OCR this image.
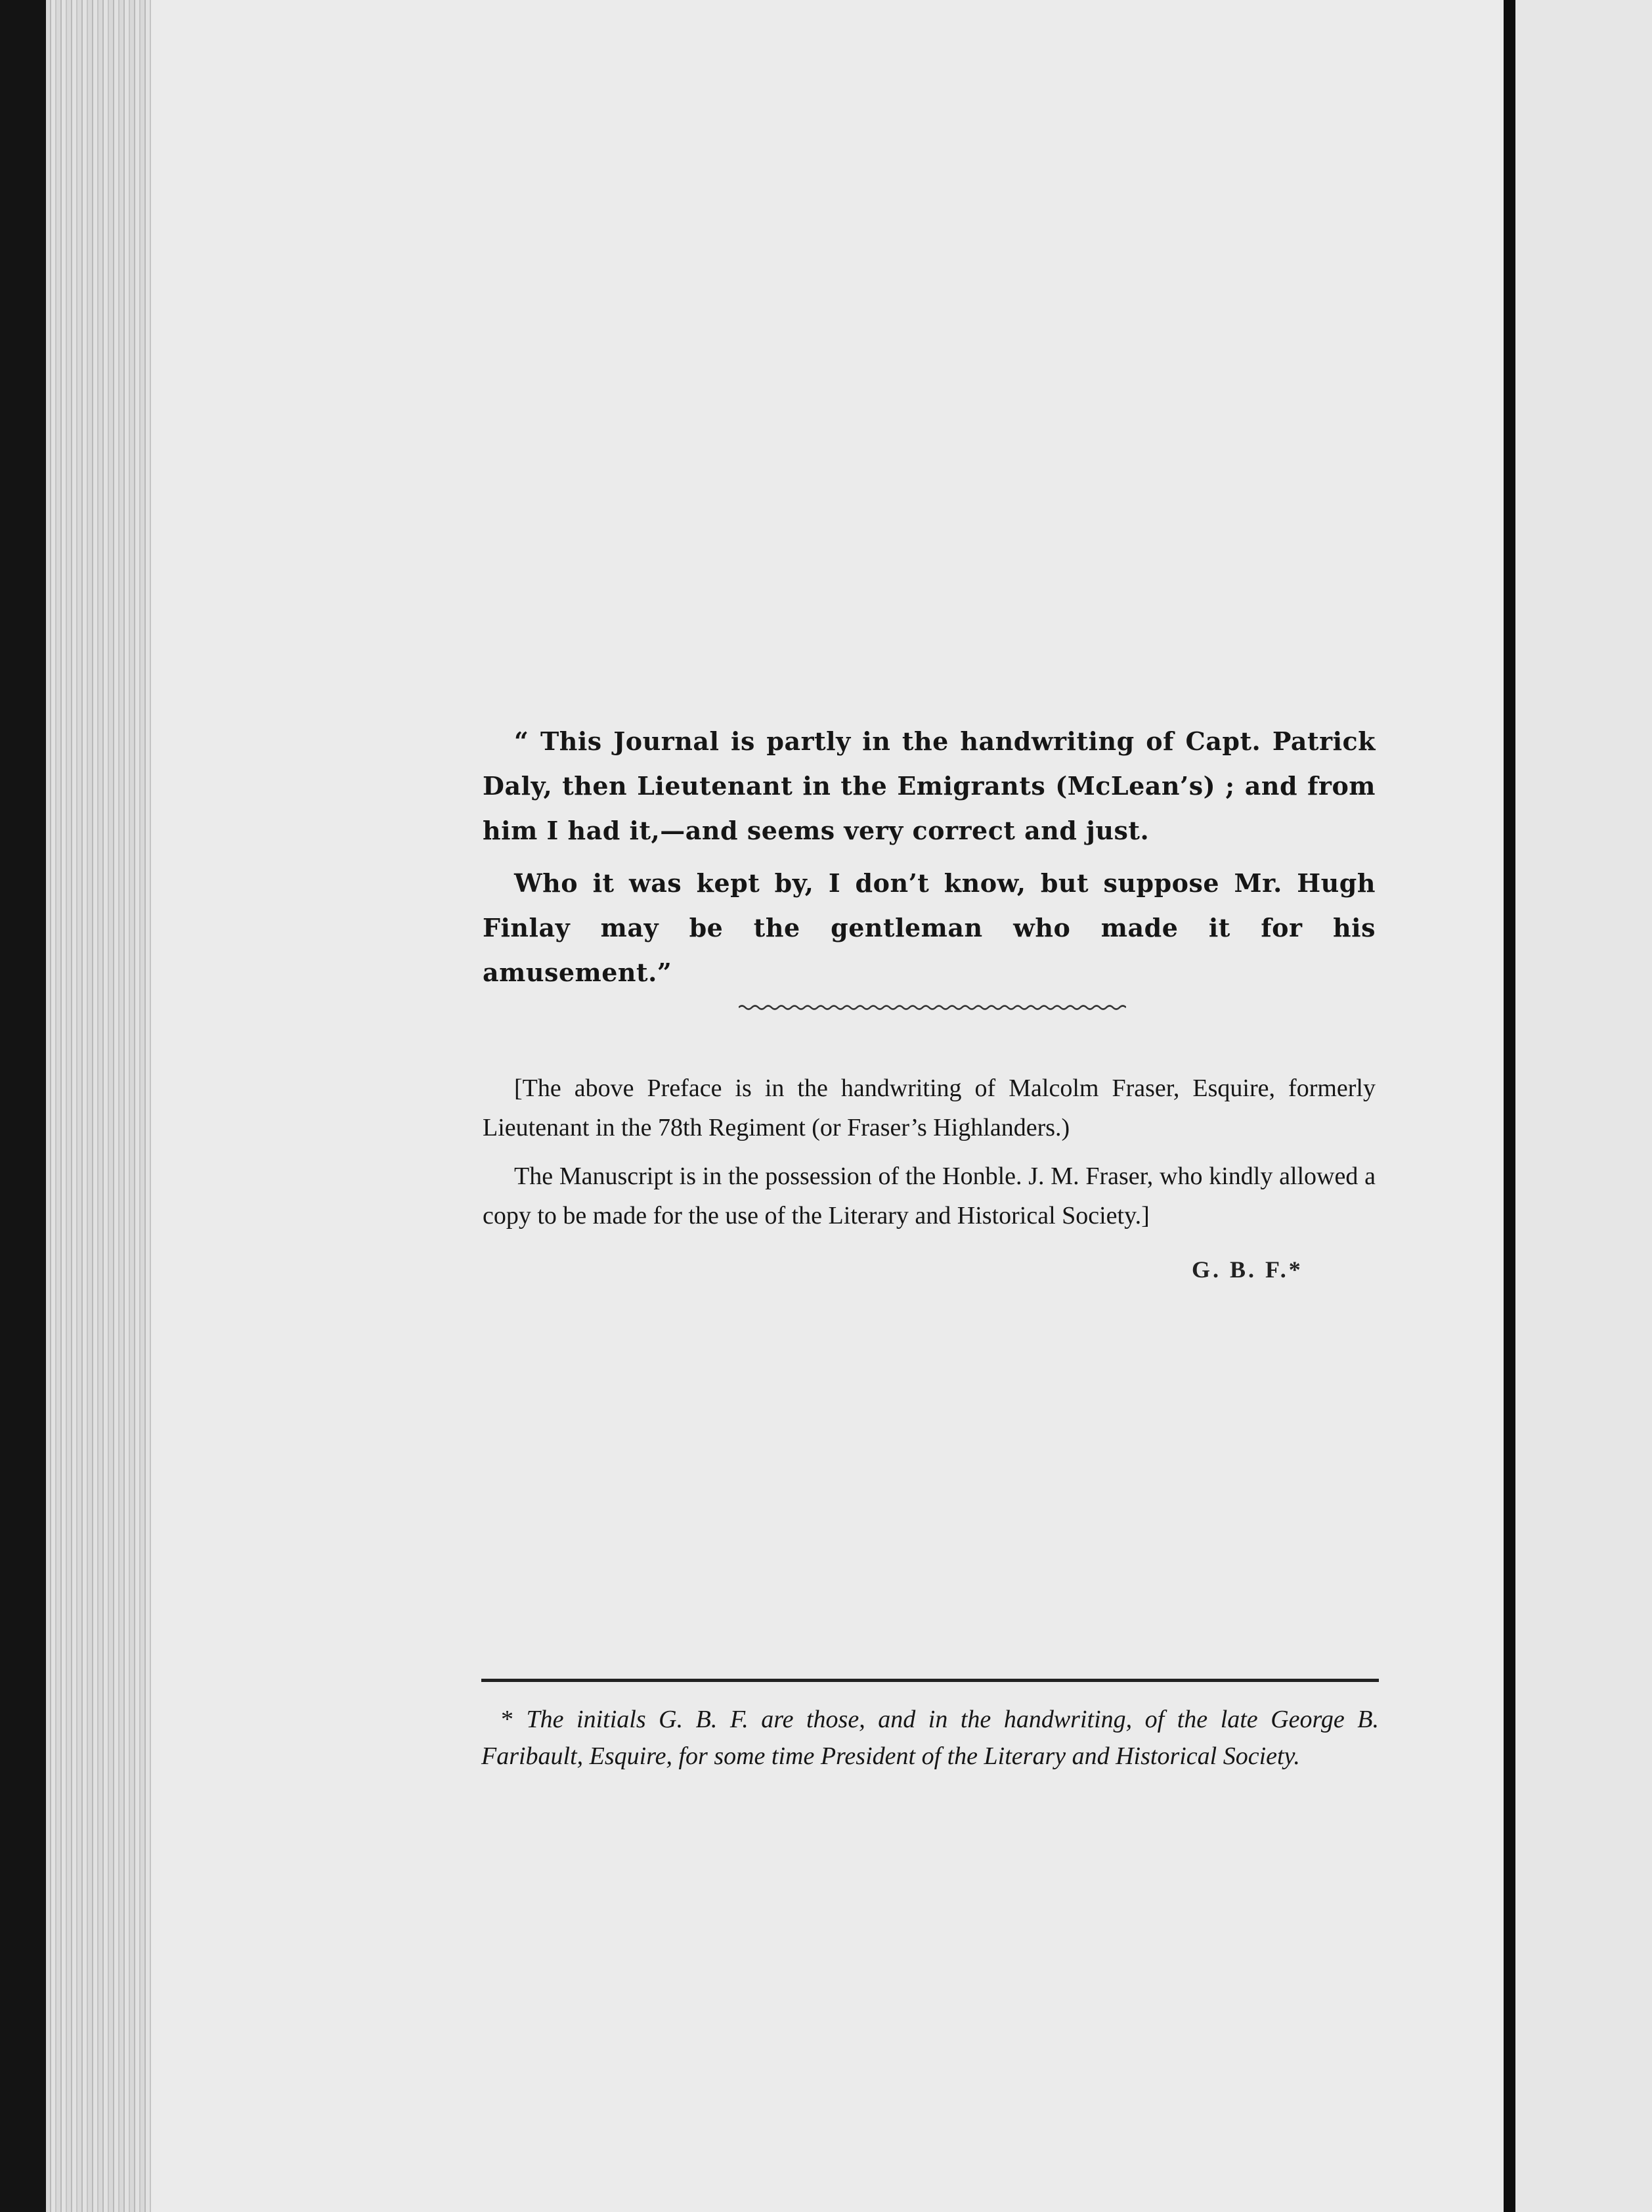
“ This Journal is partly in the handwriting of Capt. Patrick Daly, then Lieutenant in the Emigrants (McLean’s) ; and from him I had it,—and seems very correct and just.

Who it was kept by, I don’t know, but suppose Mr. Hugh Finlay may be the gentleman who made it for his amusement.”

[The above Preface is in the handwriting of Malcolm Fraser, Esquire, formerly Lieutenant in the 78th Regiment (or Fraser’s Highlanders.)

The Manuscript is in the possession of the Honble. J. M. Fraser, who kindly allowed a copy to be made for the use of the Literary and Historical Society.]

G. B. F.*
* The initials G. B. F. are those, and in the handwriting, of the late George B. Faribault, Esquire, for some time President of the Literary and Historical Society.
